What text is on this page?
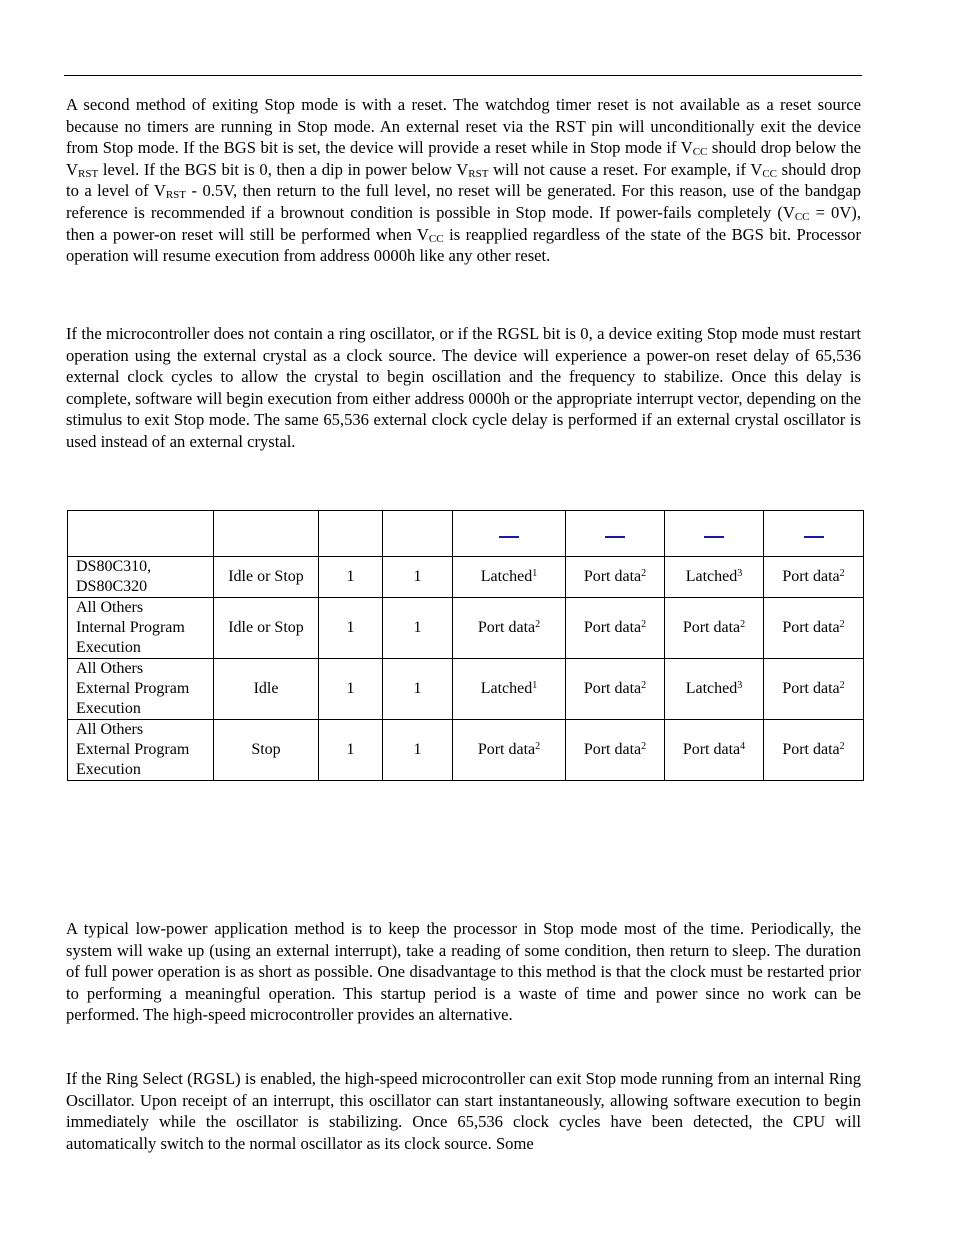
A second method of exiting Stop mode is with a reset. The watchdog timer reset is not available as a reset source because no timers are running in Stop mode. An external reset via the RST pin will unconditionally exit the device from Stop mode. If the BGS bit is set, the device will provide a reset while in Stop mode if $V_{CC}$ should drop below the $V_{RST}$ level. If the BGS bit is 0, then a dip in power below $V_{RST}$ will not cause a reset. For example, if $V_{CC}$ should drop to a level of $V_{RST} - 0.5V$, then return to the full level, no reset will be generated. For this reason, use of the bandgap reference is recommended if a brownout condition is possible in Stop mode. If power-fails completely $(V_{CC} = 0V)$, then a power-on reset will still be performed when $V_{CC}$ is reapplied regardless of the state of the BGS bit. Processor operation will resume execution from address 0000h like any other reset.

If the microcontroller does not contain a ring oscillator, or if the RGSL bit is 0, a device exiting Stop mode must restart operation using the external crystal as a clock source. The device will experience a power-on reset delay of 65,536 external clock cycles to allow the crystal to begin oscillation and the frequency to stabilize. Once this delay is complete, software will begin execution from either address 0000h or the appropriate interrupt vector, depending on the stimulus to exit Stop mode. The same 65,536 external clock cycle delay is performed if an external crystal oscillator is used instead of an external crystal.

DS80C310,
DS80C320	Idle or Stop	1	1	Latched$^1$	Port data$^2$	Latched$^3$	Port data$^2$
All Others
Internal Program
Execution	Idle or Stop	1	1	Port data$^2$	Port data$^2$	Port data$^2$	Port data$^2$
All Others
External Program
Execution	Idle	1	1	Latched$^1$	Port data$^2$	Latched$^3$	Port data$^2$
All Others
External Program
Execution	Stop	1	1	Port data$^2$	Port data$^2$	Port data$^4$	Port data$^2$

A typical low-power application method is to keep the processor in Stop mode most of the time. Periodically, the system will wake up (using an external interrupt), take a reading of some condition, then return to sleep. The duration of full power operation is as short as possible. One disadvantage to this method is that the clock must be restarted prior to performing a meaningful operation. This startup period is a waste of time and power since no work can be performed. The high-speed microcontroller provides an alternative.

If the Ring Select (RGSL) is enabled, the high-speed microcontroller can exit Stop mode running from an internal Ring Oscillator. Upon receipt of an interrupt, this oscillator can start instantaneously, allowing software execution to begin immediately while the oscillator is stabilizing. Once 65,536 clock cycles have been detected, the CPU will automatically switch to the normal oscillator as its clock source. Some
